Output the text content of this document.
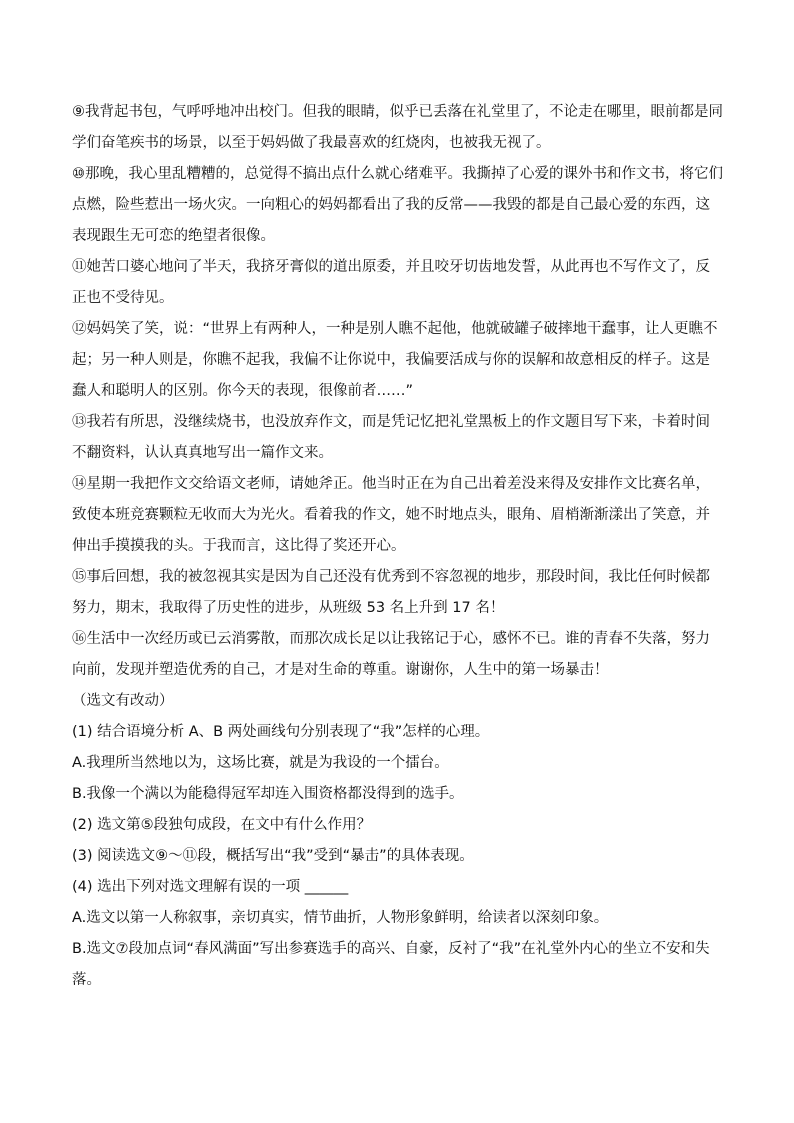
⑨我背起书包，气呼呼地冲出校门。但我的眼睛，似乎已丢落在礼堂里了，不论走在哪里，眼前都是同学们奋笔疾书的场景，以至于妈妈做了我最喜欢的红烧肉，也被我无视了。

⑩那晚，我心里乱糟糟的，总觉得不搞出点什么就心绪难平。我撕掉了心爱的课外书和作文书，将它们点燃，险些惹出一场火灾。一向粗心的妈妈都看出了我的反常——我毁的都是自己最心爱的东西，这表现跟生无可恋的绝望者很像。

⑪她苦口婆心地问了半天，我挤牙膏似的道出原委，并且咬牙切齿地发誓，从此再也不写作文了，反正也不受待见。

⑫妈妈笑了笑，说：“世界上有两种人，一种是别人瞧不起他，他就破罐子破摔地干蠢事，让人更瞧不起；另一种人则是，你瞧不起我，我偏不让你说中，我偏要活成与你的误解和故意相反的样子。这是蠢人和聪明人的区别。你今天的表现，很像前者……”

⑬我若有所思，没继续烧书，也没放弃作文，而是凭记忆把礼堂黑板上的作文题目写下来，卡着时间不翻资料，认认真真地写出一篇作文来。

⑭星期一我把作文交给语文老师，请她斧正。他当时正在为自己出着差没来得及安排作文比赛名单，致使本班竞赛颗粒无收而大为光火。看着我的作文，她不时地点头，眼角、眉梢渐渐漾出了笑意，并伸出手摸摸我的头。于我而言，这比得了奖还开心。

⑮事后回想，我的被忽视其实是因为自己还没有优秀到不容忽视的地步，那段时间，我比任何时候都努力，期末，我取得了历史性的进步，从班级 53 名上升到 17 名！

⑯生活中一次经历或已云消雾散，而那次成长足以让我铭记于心，感怀不已。谁的青春不失落，努力向前，发现并塑造优秀的自己，才是对生命的尊重。谢谢你，人生中的第一场暴击！

（选文有改动）

(1) 结合语境分析 A、B 两处画线句分别表现了“我”怎样的心理。

A.我理所当然地以为，这场比赛，就是为我设的一个擂台。

B.我像一个满以为能稳得冠军却连入围资格都没得到的选手。

(2) 选文第⑤段独句成段，在文中有什么作用？

(3) 阅读选文⑨～⑪段，概括写出“我”受到“暴击”的具体表现。

(4) 选出下列对选文理解有误的一项 ______

A.选文以第一人称叙事，亲切真实，情节曲折，人物形象鲜明，给读者以深刻印象。

B.选文⑦段加点词“春风满面”写出参赛选手的高兴、自豪，反衬了“我”在礼堂外内心的坐立不安和失落。
